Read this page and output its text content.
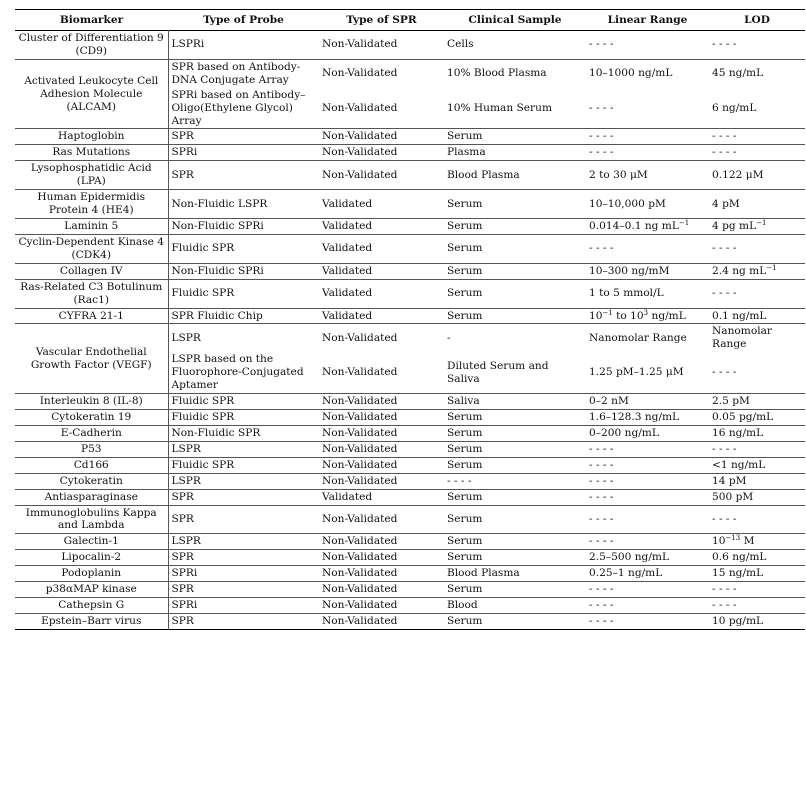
Biomarker	Type of Probe	Type of SPR	Clinical Sample	Linear Range	LOD
Cluster of Differentiation 9 (CD9)	LSPRi	Non-Validated	Cells	- - - -	- - - -
Activated Leukocyte Cell Adhesion Molecule (ALCAM)	SPR based on Antibody-DNA Conjugate Array	Non-Validated	10% Blood Plasma	10–1000 ng/mL	45 ng/mL
	SPRi based on Antibody–Oligo(Ethylene Glycol) Array	Non-Validated	10% Human Serum	- - - -	6 ng/mL
Haptoglobin	SPR	Non-Validated	Serum	- - - -	- - - -
Ras Mutations	SPRi	Non-Validated	Plasma	- - - -	- - - -
Lysophosphatidic Acid (LPA)	SPR	Non-Validated	Blood Plasma	2 to 30 μM	0.122 μM
Human Epidermidis Protein 4 (HE4)	Non-Fluidic LSPR	Validated	Serum	10–10,000 pM	4 pM
Laminin 5	Non-Fluidic SPRi	Validated	Serum	0.014–0.1 ng $mL^{-1}$	4 pg $mL^{-1}$
Cyclin-Dependent Kinase 4 (CDK4)	Fluidic SPR	Validated	Serum	- - - -	- - - -
Collagen IV	Non-Fluidic SPRi	Validated	Serum	10–300 ng/mM	2.4 ng $mL^{-1}$
Ras-Related C3 Botulinum (Rac1)	Fluidic SPR	Validated	Serum	1 to 5 mmol/L	- - - -
CYFRA 21-1	SPR Fluidic Chip	Validated	Serum	$10^{-1}$ to $10^3$ ng/mL	0.1 ng/mL
Vascular Endothelial Growth Factor (VEGF)	LSPR	Non-Validated	-	Nanomolar Range	Nanomolar Range
	LSPR based on the Fluorophore-Conjugated Aptamer	Non-Validated	Diluted Serum and Saliva	1.25 pM–1.25 μM	- - - -
Interleukin 8 (IL-8)	Fluidic SPR	Non-Validated	Saliva	0–2 nM	2.5 pM
Cytokeratin 19	Fluidic SPR	Non-Validated	Serum	1.6–128.3 ng/mL	0.05 pg/mL
E-Cadherin	Non-Fluidic SPR	Non-Validated	Serum	0–200 ng/mL	16 ng/mL
P53	LSPR	Non-Validated	Serum	- - - -	- - - -
Cd166	Fluidic SPR	Non-Validated	Serum	- - - -	<1 ng/mL
Cytokeratin	LSPR	Non-Validated	- - - -	- - - -	14 pM
Antiasparaginase	SPR	Validated	Serum	- - - -	500 pM
Immunoglobulins Kappa and Lambda	SPR	Non-Validated	Serum	- - - -	- - - -
Galectin-1	LSPR	Non-Validated	Serum	- - - -	$10^{-13}$ M
Lipocalin-2	SPR	Non-Validated	Serum	2.5–500 ng/mL	0.6 ng/mL
Podoplanin	SPRi	Non-Validated	Blood Plasma	0.25–1 ng/mL	15 ng/mL
p38αMAP kinase	SPR	Non-Validated	Serum	- - - -	- - - -
Cathepsin G	SPRi	Non-Validated	Blood	- - - -	- - - -
Epstein–Barr virus	SPR	Non-Validated	Serum	- - - -	10 pg/mL
